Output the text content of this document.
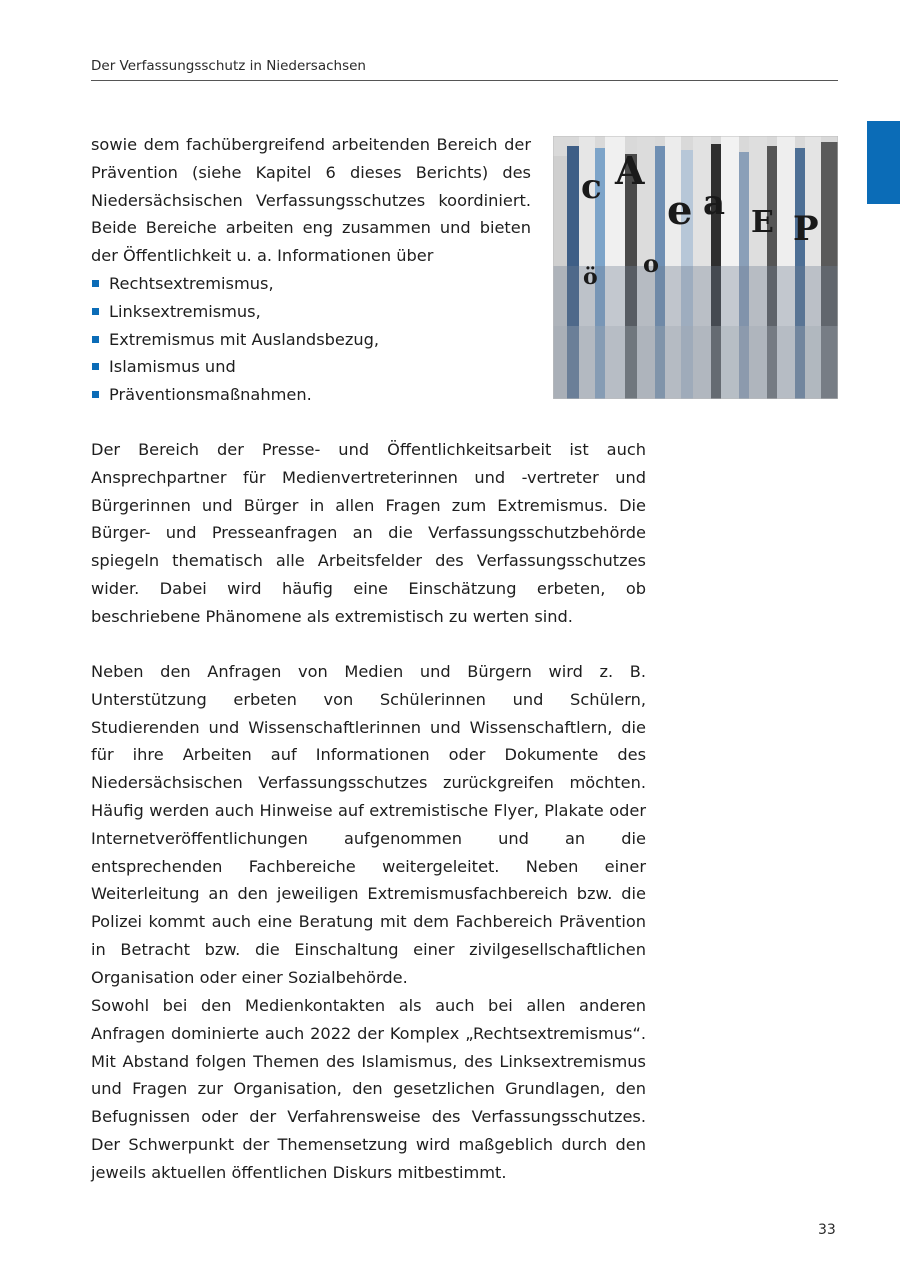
Der Verfassungsschutz in Niedersachsen

sowie dem fachübergreifend arbeitenden Bereich der Prävention (siehe Kapitel 6 dieses Berichts) des Niedersächsischen Verfassungsschutzes koordiniert. Beide Bereiche arbeiten eng zusammen und bieten der Öffentlichkeit u. a. Informationen über

Rechtsextremismus,
Linksextremismus,
Extremismus mit Auslandsbezug,
Islamismus und
Präventionsmaßnahmen.
c A
e a E P
ö o

Der Bereich der Presse- und Öffentlichkeitsarbeit ist auch Ansprechpartner für Medienvertreterinnen und -vertreter und Bürgerinnen und Bürger in allen Fragen zum Extremismus. Die Bürger- und Presseanfragen an die Verfassungsschutzbehörde spiegeln thematisch alle Arbeitsfelder des Verfassungsschutzes wider. Dabei wird häufig eine Einschätzung erbeten, ob beschriebene Phänomene als extremistisch zu werten sind.

Neben den Anfragen von Medien und Bürgern wird z. B. Unterstützung erbeten von Schülerinnen und Schülern, Studierenden und Wissenschaftlerinnen und Wissenschaftlern, die für ihre Arbeiten auf Informationen oder Dokumente des Niedersächsischen Verfassungsschutzes zurückgreifen möchten. Häufig werden auch Hinweise auf extremistische Flyer, Plakate oder Internetveröffentlichungen aufgenommen und an die entsprechenden Fachbereiche weitergeleitet. Neben einer Weiterleitung an den jeweiligen Extremismusfachbereich bzw. die Polizei kommt auch eine Beratung mit dem Fachbereich Prävention in Betracht bzw. die Einschaltung einer zivilgesellschaftlichen Organisation oder einer Sozialbehörde.

Sowohl bei den Medienkontakten als auch bei allen anderen Anfragen dominierte auch 2022 der Komplex „Rechtsextremismus“. Mit Abstand folgen Themen des Islamismus, des Linksextremismus und Fragen zur Organisation, den gesetzlichen Grundlagen, den Befugnissen oder der Verfahrensweise des Verfassungsschutzes. Der Schwerpunkt der Themensetzung wird maßgeblich durch den jeweils aktuellen öffentlichen Diskurs mitbestimmt.

33
